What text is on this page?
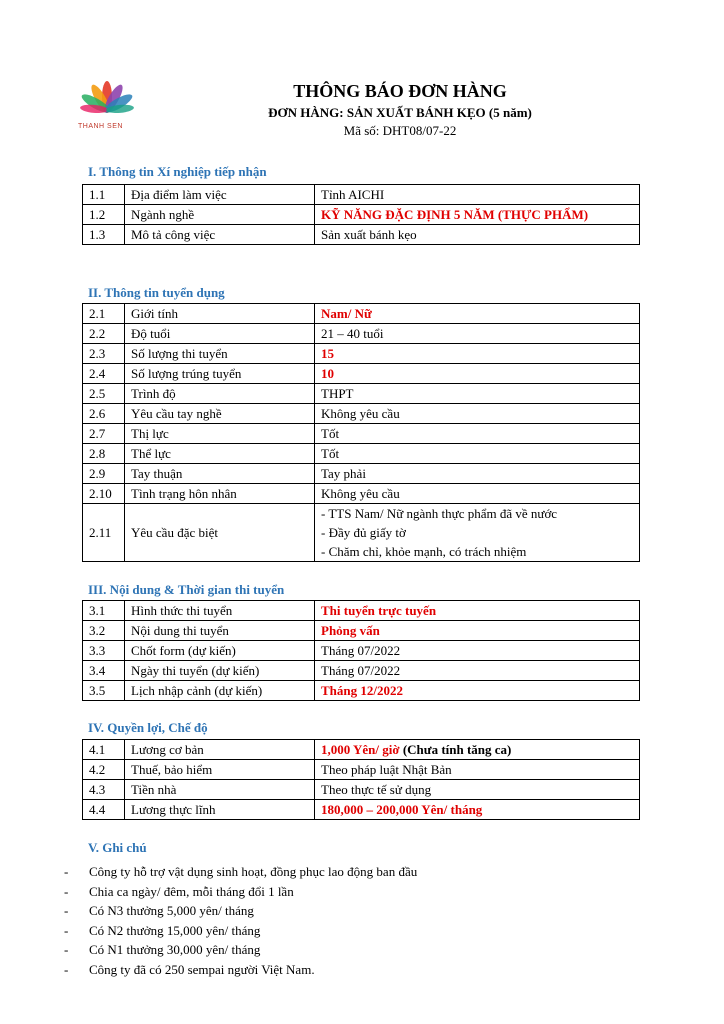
THANH SEN
THÔNG BÁO ĐƠN HÀNG
ĐƠN HÀNG: SẢN XUẤT BÁNH KẸO (5 năm)
Mã số: DHT08/07-22
I. Thông tin Xí nghiệp tiếp nhận
1.1	Địa điểm làm việc	Tỉnh AICHI
1.2	Ngành nghề	KỸ NĂNG ĐẶC ĐỊNH 5 NĂM (THỰC PHẨM)
1.3	Mô tả công việc	Sản xuất bánh kẹo
II. Thông tin tuyển dụng
2.1	Giới tính	Nam/ Nữ
2.2	Độ tuổi	21 – 40 tuổi
2.3	Số lượng thi tuyển	15
2.4	Số lượng trúng tuyển	10
2.5	Trình độ	THPT
2.6	Yêu cầu tay nghề	Không yêu cầu
2.7	Thị lực	Tốt
2.8	Thể lực	Tốt
2.9	Tay thuận	Tay phải
2.10	Tình trạng hôn nhân	Không yêu cầu
2.11	Yêu cầu đặc biệt	- TTS Nam/ Nữ ngành thực phẩm đã về nước
- Đầy đủ giấy tờ
- Chăm chỉ, khỏe mạnh, có trách nhiệm
III. Nội dung & Thời gian thi tuyển
3.1	Hình thức thi tuyển	Thi tuyển trực tuyến
3.2	Nội dung thi tuyển	Phỏng vấn
3.3	Chốt form (dự kiến)	Tháng 07/2022
3.4	Ngày thi tuyển (dự kiến)	Tháng 07/2022
3.5	Lịch nhập cảnh (dự kiến)	Tháng 12/2022
IV. Quyền lợi, Chế độ
4.1	Lương cơ bản	1,000 Yên/ giờ (Chưa tính tăng ca)
4.2	Thuế, bảo hiểm	Theo pháp luật Nhật Bản
4.3	Tiền nhà	Theo thực tế sử dụng
4.4	Lương thực lĩnh	180,000 – 200,000 Yên/ tháng
V. Ghi chú
- Công ty hỗ trợ vật dụng sinh hoạt, đồng phục lao động ban đầu
- Chia ca ngày/ đêm, mỗi tháng đổi 1 lần
- Có N3 thưởng 5,000 yên/ tháng
- Có N2 thưởng 15,000 yên/ tháng
- Có N1 thưởng 30,000 yên/ tháng
- Công ty đã có 250 sempai người Việt Nam.
